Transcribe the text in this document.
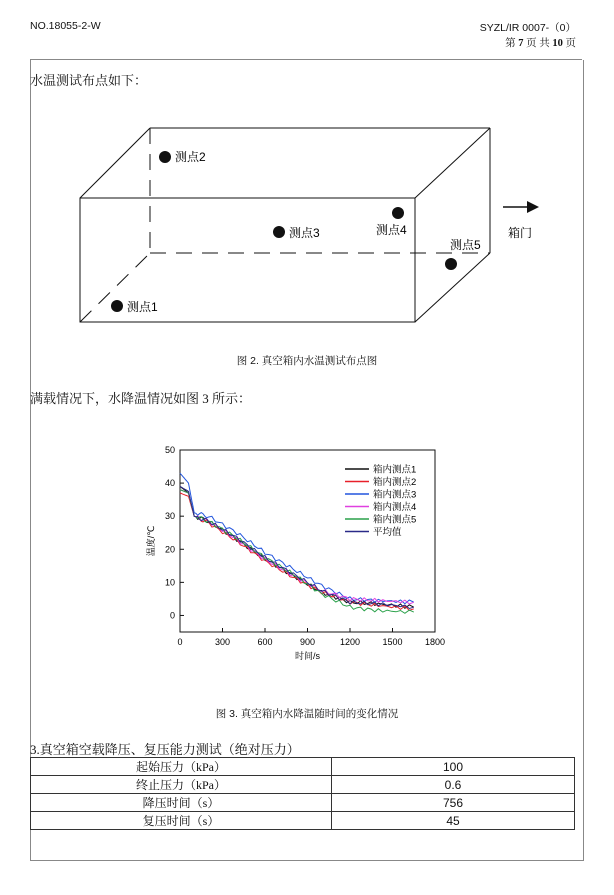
NO.18055-2-W	SYZL/IR 0007-（0）
第 7 页 共 10 页
水温测试布点如下：
测点1
测点2
测点3	测点4
测点5
箱门
图 2. 真空箱内水温测试布点图
满载情况下，水降温情况如图 3 所示：
0	300	600	900	1200 1500 1800
0
10
20
30
40
50
时间/s
温度/℃
箱内测点1
箱内测点2
箱内测点3
箱内测点4
箱内测点5
平均值
图 3. 真空箱内水降温随时间的变化情况
3.真空箱空载降压、复压能力测试（绝对压力）
起始压力（kPa）	100
终止压力（kPa）	0.6
降压时间（s）	756
复压时间（s）	45
